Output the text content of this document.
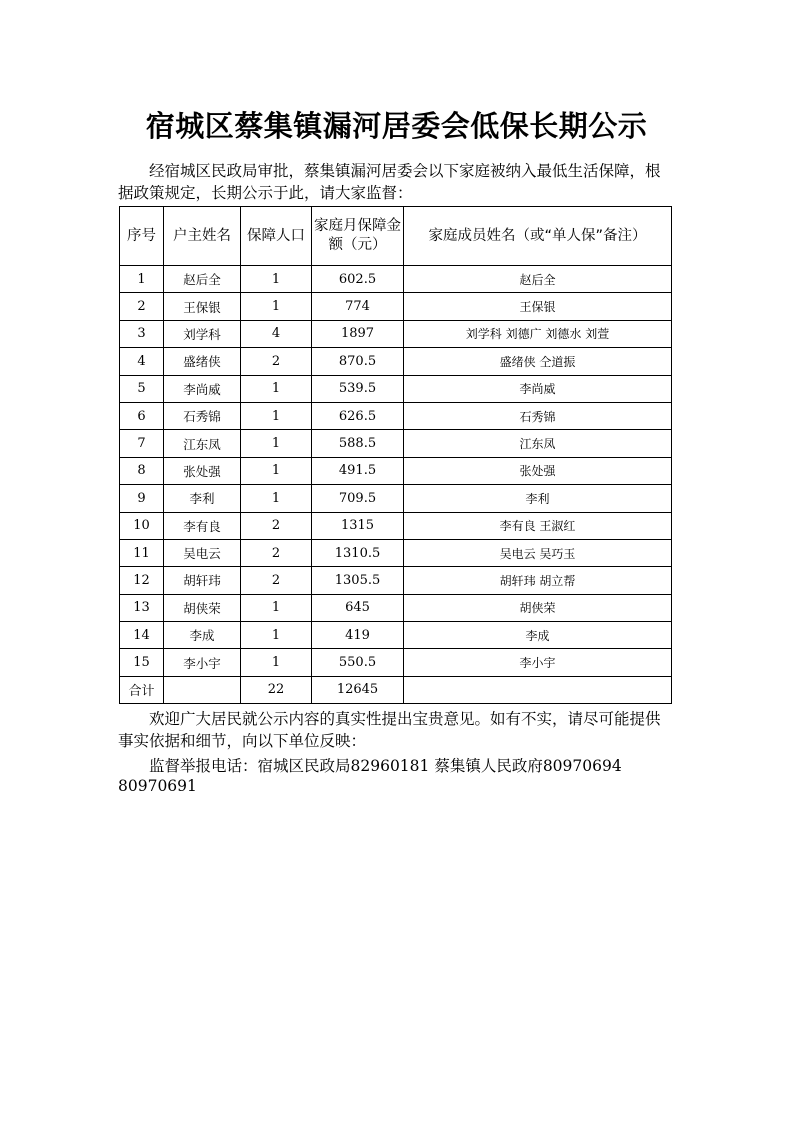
宿城区蔡集镇漏河居委会低保长期公示
经宿城区民政局审批，蔡集镇漏河居委会以下家庭被纳入最低生活保障，根据政策规定，长期公示于此，请大家监督：
序号	户主姓名	保障人口	家庭月保障金额（元）	家庭成员姓名（或“单人保”备注）
1	赵后全	1	602.5	赵后全
2	王保银	1	774	王保银
3	刘学科	4	1897	刘学科 刘德广 刘德水 刘萱
4	盛绪侠	2	870.5	盛绪侠 仝道振
5	李尚威	1	539.5	李尚威
6	石秀锦	1	626.5	石秀锦
7	江东凤	1	588.5	江东凤
8	张处强	1	491.5	张处强
9	李利	1	709.5	李利
10	李有良	2	1315	李有良 王淑红
11	吴电云	2	1310.5	吴电云 吴巧玉
12	胡轩玮	2	1305.5	胡轩玮 胡立帮
13	胡侠荣	1	645	胡侠荣
14	李成	1	419	李成
15	李小宇	1	550.5	李小宇
合计		22	12645	
欢迎广大居民就公示内容的真实性提出宝贵意见。如有不实，请尽可能提供事实依据和细节，向以下单位反映：
监督举报电话：宿城区民政局82960181 蔡集镇人民政府80970694
80970691
